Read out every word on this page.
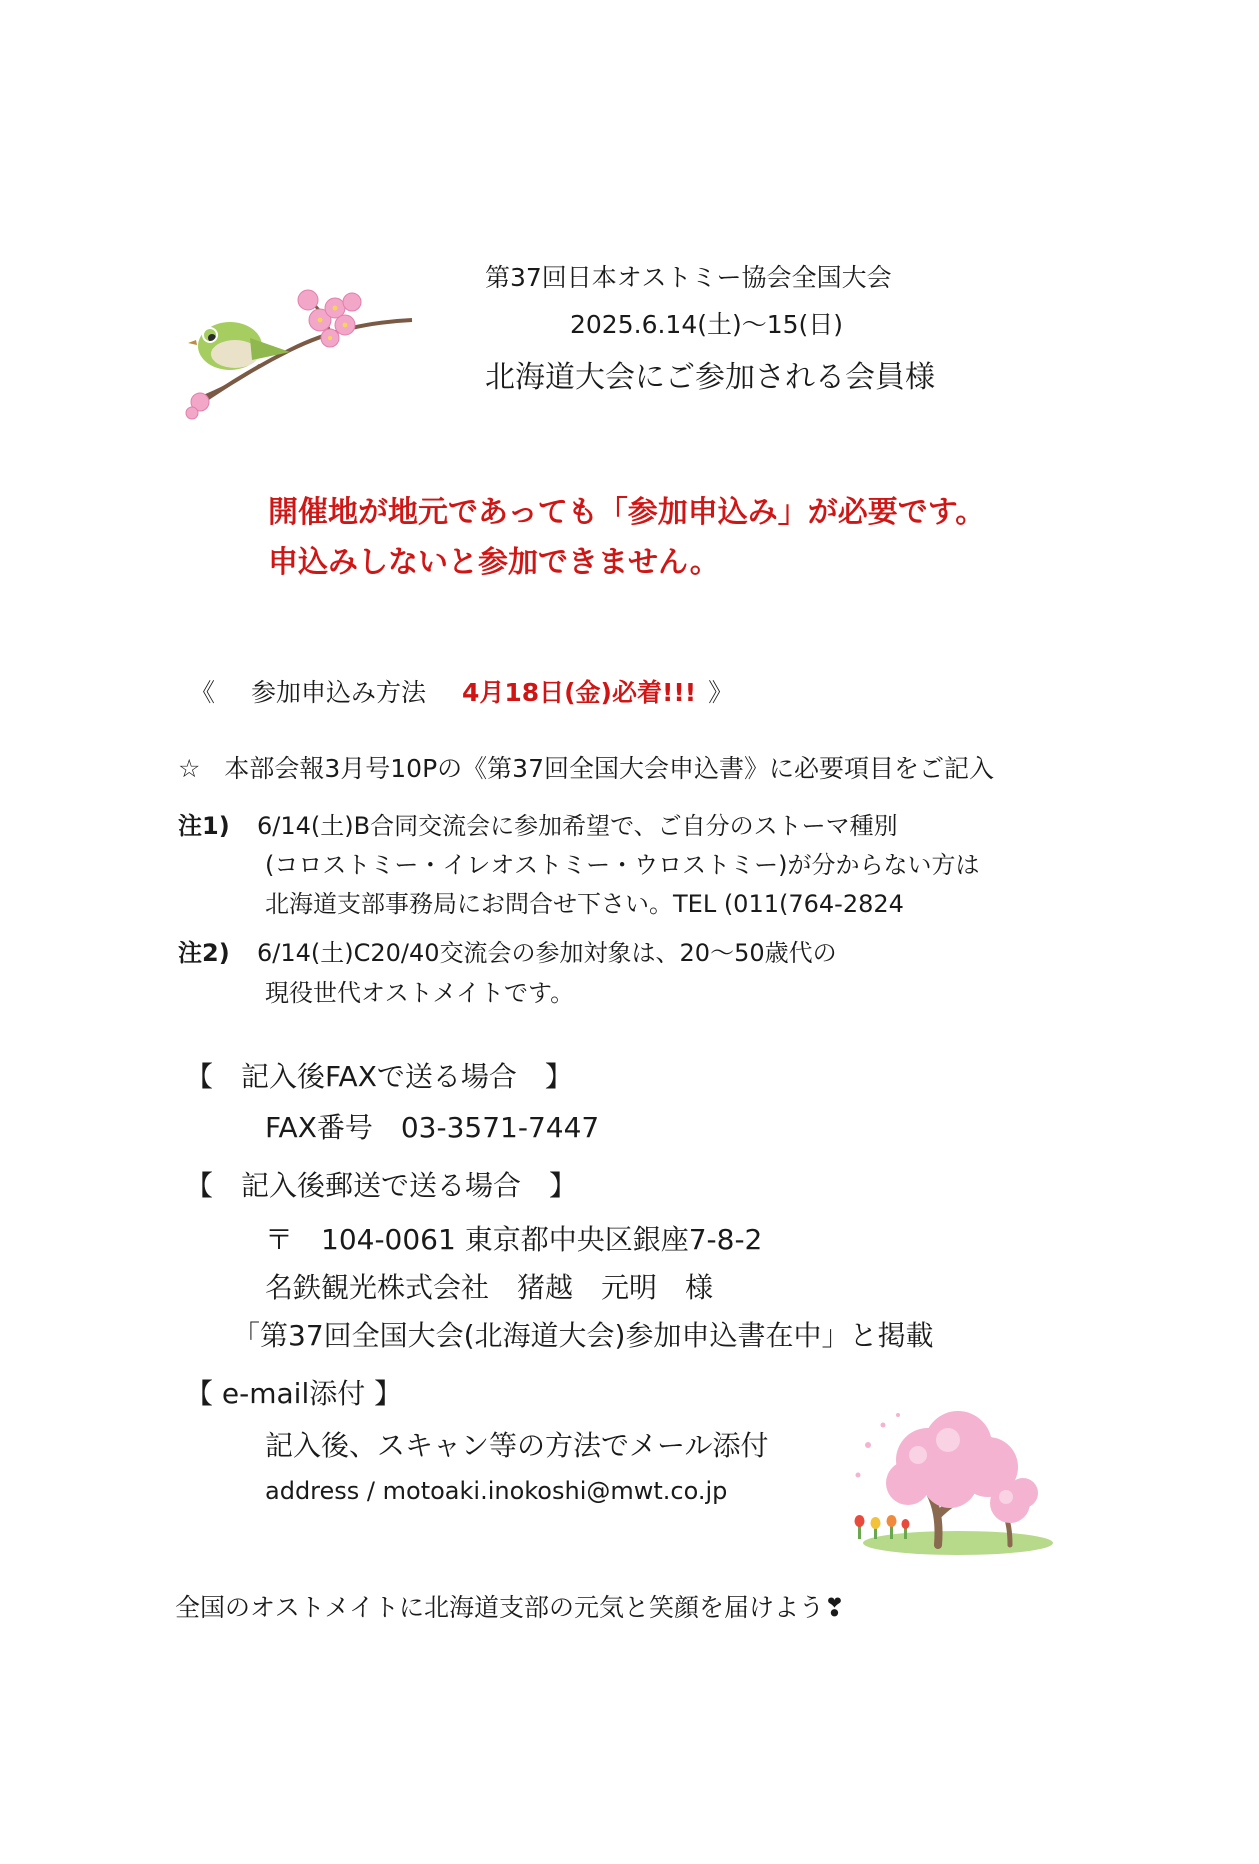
第37回日本オストミー協会全国大会
2025.6.14(土)〜15(日)
北海道大会にご参加される会員様
開催地が地元であっても「参加申込み」が必要です。
申込みしないと参加できません。
《 参加申込み方法 4月18日(金)必着!!! 》
☆ 本部会報3月号10Pの《第37回全国大会申込書》に必要項目をご記入
注1) 6/14(土)B合同交流会に参加希望で、ご自分のストーマ種別
(コロストミー・イレオストミー・ウロストミー)が分からない方は
北海道支部事務局にお問合せ下さい。TEL (011(764-2824
注2) 6/14(土)C20/40交流会の参加対象は、20〜50歳代の
現役世代オストメイトです。
【　記入後FAXで送る場合　】
FAX番号　03-3571-7447
【　記入後郵送で送る場合　】
〒　104-0061 東京都中央区銀座7-8-2
名鉄観光株式会社　猪越　元明　様
「第37回全国大会(北海道大会)参加申込書在中」と掲載
【 e-mail添付 】
記入後、スキャン等の方法でメール添付
address / motoaki.inokoshi@mwt.co.jp
全国のオストメイトに北海道支部の元気と笑顔を届けよう❣
